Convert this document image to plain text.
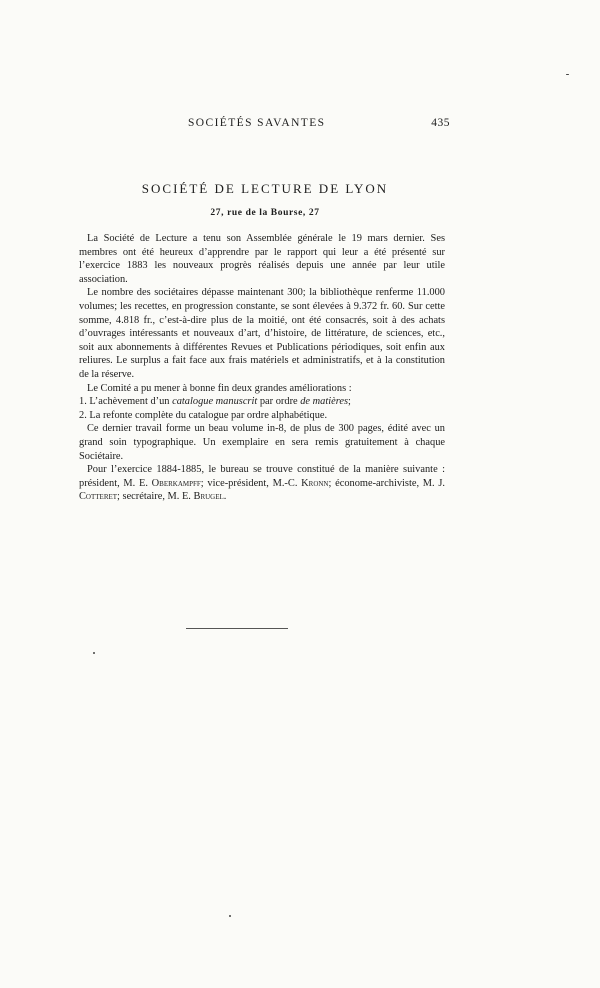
SOCIÉTÉS SAVANTES	435
SOCIÉTÉ DE LECTURE DE LYON
27, rue de la Bourse, 27

La Société de Lecture a tenu son Assemblée générale le 19 mars dernier. Ses membres ont été heureux d’apprendre par le rapport qui leur a été présenté sur l’exercice 1883 les nouveaux progrès réalisés depuis une année par leur utile association.

Le nombre des sociétaires dépasse maintenant 300; la bibliothèque renferme 11.000 volumes; les recettes, en progression constante, se sont élevées à 9.372 fr. 60. Sur cette somme, 4.818 fr., c’est-à-dire plus de la moitié, ont été consacrés, soit à des achats d’ouvrages intéressants et nouveaux d’art, d’histoire, de littérature, de sciences, etc., soit aux abonnements à différentes Revues et Publications périodiques, soit enfin aux reliures. Le surplus a fait face aux frais matériels et administratifs, et à la constitution de la réserve.

Le Comité a pu mener à bonne fin deux grandes améliorations :

1. L’achèvement d’un catalogue manuscrit par ordre de matières;

2. La refonte complète du catalogue par ordre alphabétique.

Ce dernier travail forme un beau volume in-8, de plus de 300 pages, édité avec un grand soin typographique. Un exemplaire en sera remis gratuitement à chaque Sociétaire.

Pour l’exercice 1884-1885, le bureau se trouve constitué de la manière suivante : président, M. E. Oberkampff; vice-président, M.-C. Kronn; économe-archiviste, M. J. Cotteret; secrétaire, M. E. Brugel.
